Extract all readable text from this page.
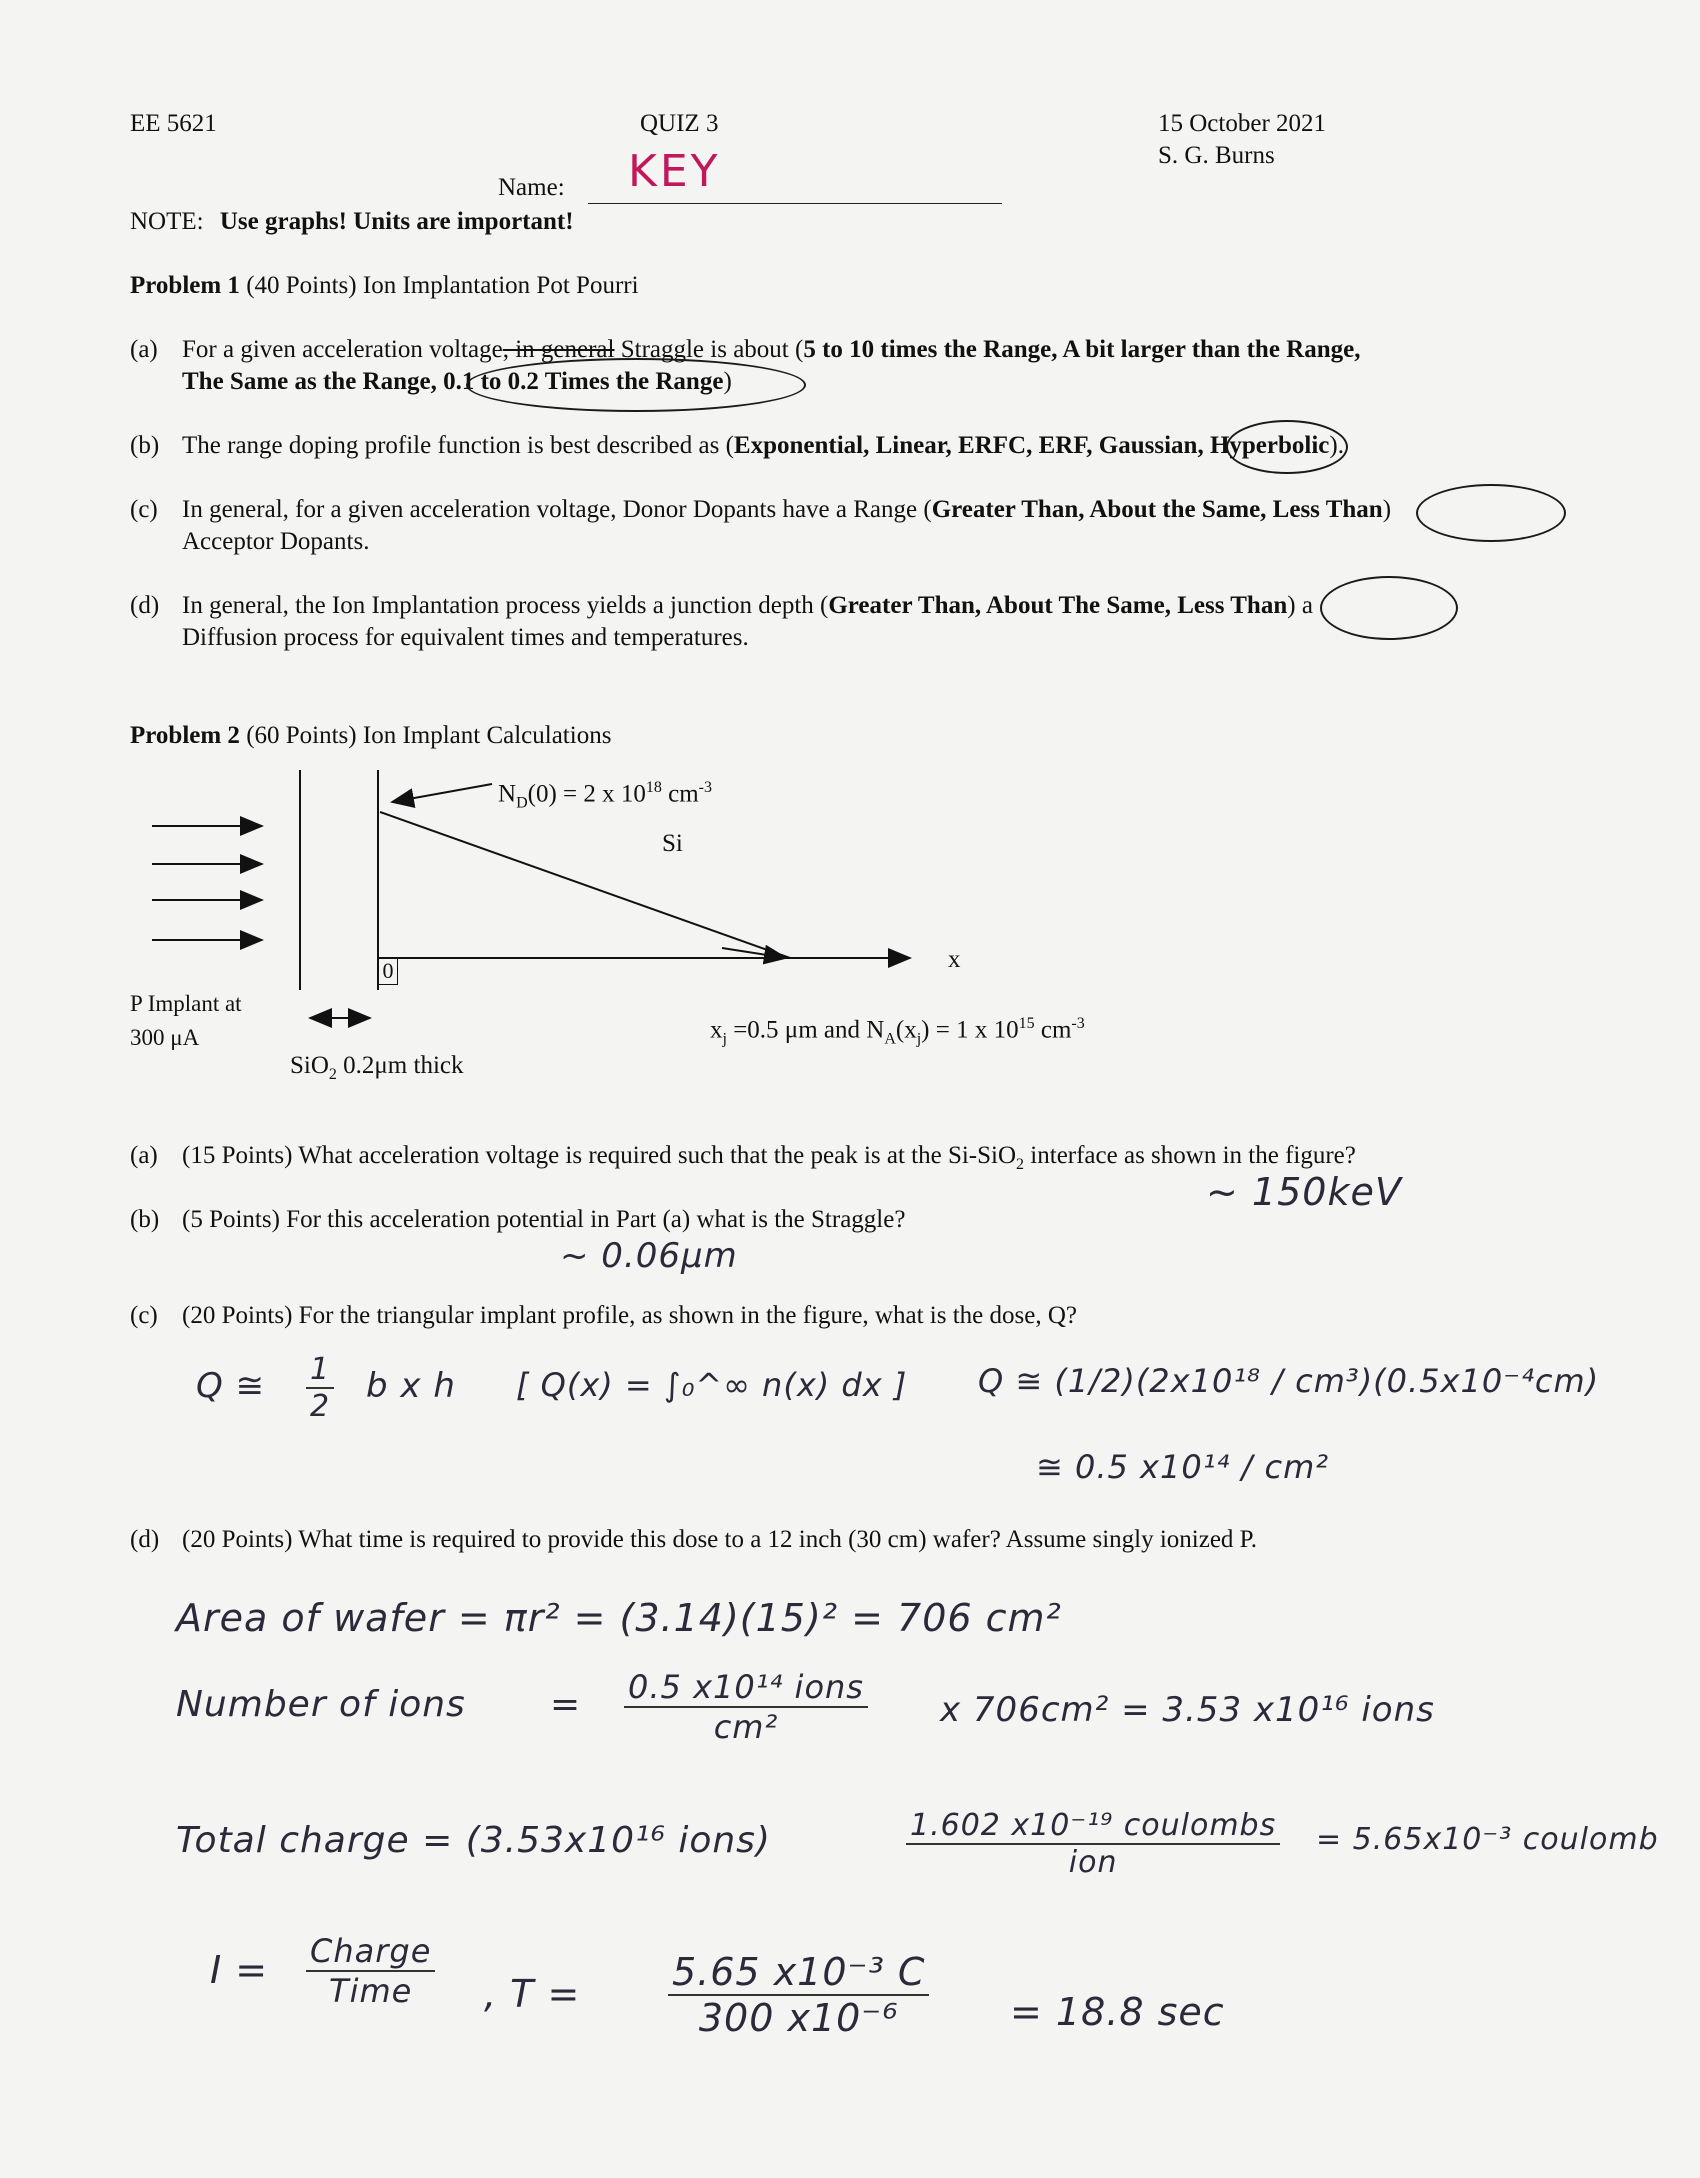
EE 5621	QUIZ 3	15 October 2021
S. G. Burns
Name: KEY
NOTE: Use graphs! Units are important!
Problem 1 (40 Points) Ion Implantation Pot Pourri
(a) For a given acceleration voltage, in general Straggle is about (5 to 10 times the Range, A bit larger than the Range,
The Same as the Range, 0.1 to 0.2 Times the Range)
(b) The range doping profile function is best described as (Exponential, Linear, ERFC, ERF, Gaussian, Hyperbolic).
(c) In general, for a given acceleration voltage, Donor Dopants have a Range (Greater Than, About the Same, Less Than)
Acceptor Dopants.
(d) In general, the Ion Implantation process yields a junction depth (Greater Than, About The Same, Less Than) a
Diffusion process for equivalent times and temperatures.
Problem 2 (60 Points) Ion Implant Calculations
$N_D(0) = 2$ x $10^{18}$ $cm^{-3}$
Si
x
0
P Implant at
300 μA	$x_j =0.5$ μm and $N_A(x_j) = 1$ x $10^{15}$ $cm^{-3}$
SiO$_2$ 0.2μm thick
(a) (15 Points) What acceleration voltage is required such that the peak is at the Si-SiO$_2$ interface as shown in the figure?
~ 150keV
(b) (5 Points) For this acceleration potential in Part (a) what is the Straggle?
~ 0.06μm
(c) (20 Points) For the triangular implant profile, as shown in the figure, what is the dose, Q?
Q ≅ $\frac{1}{2}$ b x h [ Q(x) = ∫₀^∞ n(x) dx ] Q ≅ (1/2)(2x10¹⁸ / cm³)(0.5x10⁻⁴cm)
≅ 0.5 x10¹⁴ / cm²
(d) (20 Points) What time is required to provide this dose to a 12 inch (30 cm) wafer? Assume singly ionized P.
Area of wafer = πr² = (3.14)(15)² = 706 cm²
Number of ions = 0.5 x10¹⁴ ions
cm²	x 706cm² = 3.53 x10¹⁶ ions
Total charge = (3.53x10¹⁶ ions)	1.602 x10⁻¹⁹ coulombs
ion
= 5.65x10⁻³ coulomb
I = Charge
Time	, $T = \frac{\text{5.65 x10⁻³ C}}{\text{300 x10⁻⁶}} = 18.8$ sec
